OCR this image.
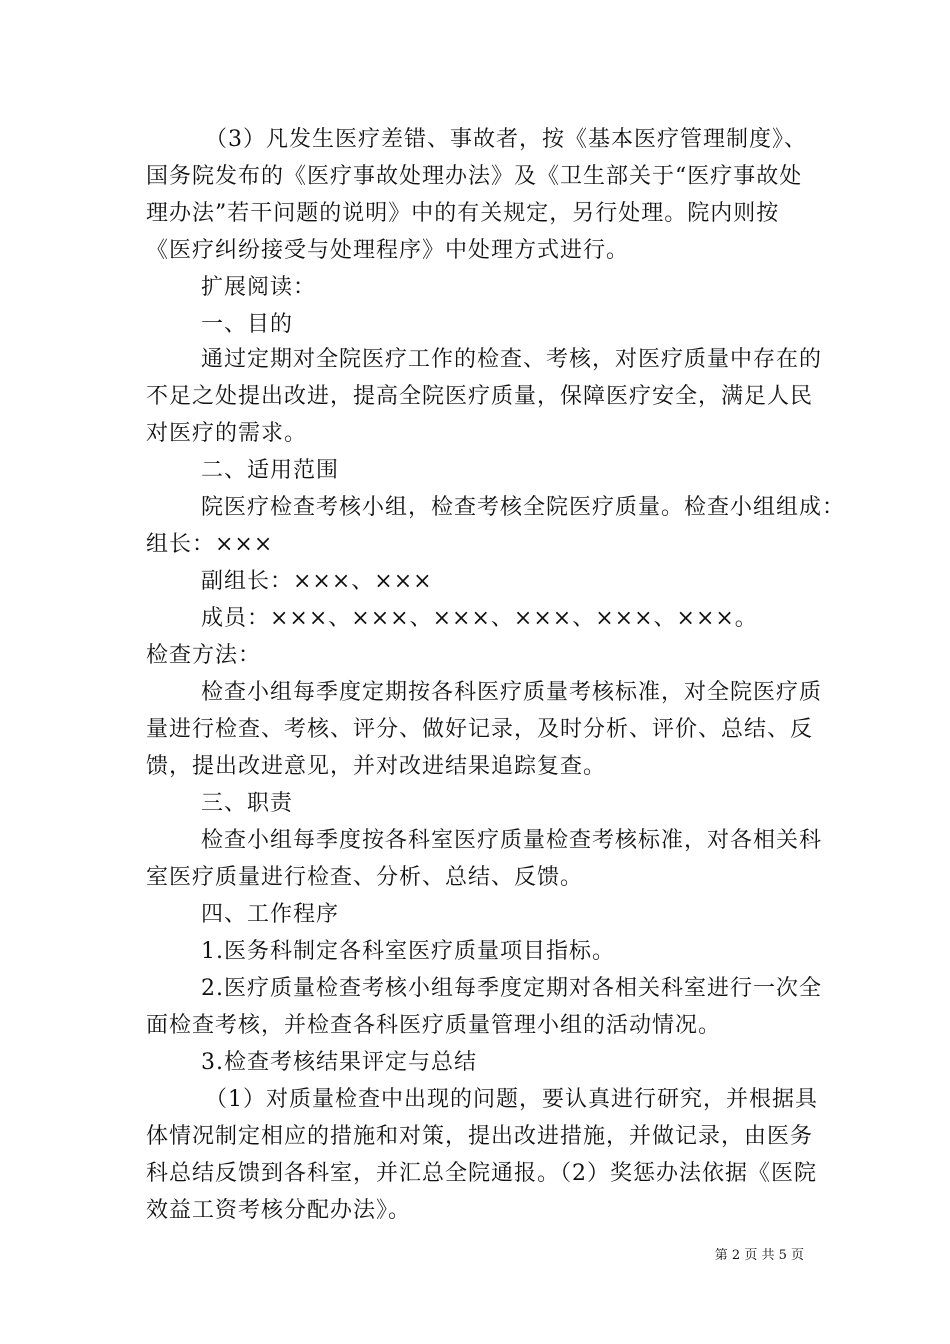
（3）凡发生医疗差错、事故者，按《基本医疗管理制度》、
国务院发布的《医疗事故处理办法》及《卫生部关于“医疗事故处
理办法”若干问题的说明》中的有关规定，另行处理。院内则按
《医疗纠纷接受与处理程序》中处理方式进行。
扩展阅读：
一、目的
通过定期对全院医疗工作的检查、考核，对医疗质量中存在的
不足之处提出改进，提高全院医疗质量，保障医疗安全，满足人民
对医疗的需求。
二、适用范围
院医疗检查考核小组，检查考核全院医疗质量。检查小组组成：
组长：×××
副组长：×××、×××
成员：×××、×××、×××、×××、×××、×××。
检查方法：
检查小组每季度定期按各科医疗质量考核标准，对全院医疗质
量进行检查、考核、评分、做好记录，及时分析、评价、总结、反
馈，提出改进意见，并对改进结果追踪复查。
三、职责
检查小组每季度按各科室医疗质量检查考核标准，对各相关科
室医疗质量进行检查、分析、总结、反馈。
四、工作程序
1.医务科制定各科室医疗质量项目指标。
2.医疗质量检查考核小组每季度定期对各相关科室进行一次全
面检查考核，并检查各科医疗质量管理小组的活动情况。
3.检查考核结果评定与总结
（1）对质量检查中出现的问题，要认真进行研究，并根据具
体情况制定相应的措施和对策，提出改进措施，并做记录，由医务
科总结反馈到各科室，并汇总全院通报。（2）奖惩办法依据《医院
效益工资考核分配办法》。
第 2 页 共 5 页
